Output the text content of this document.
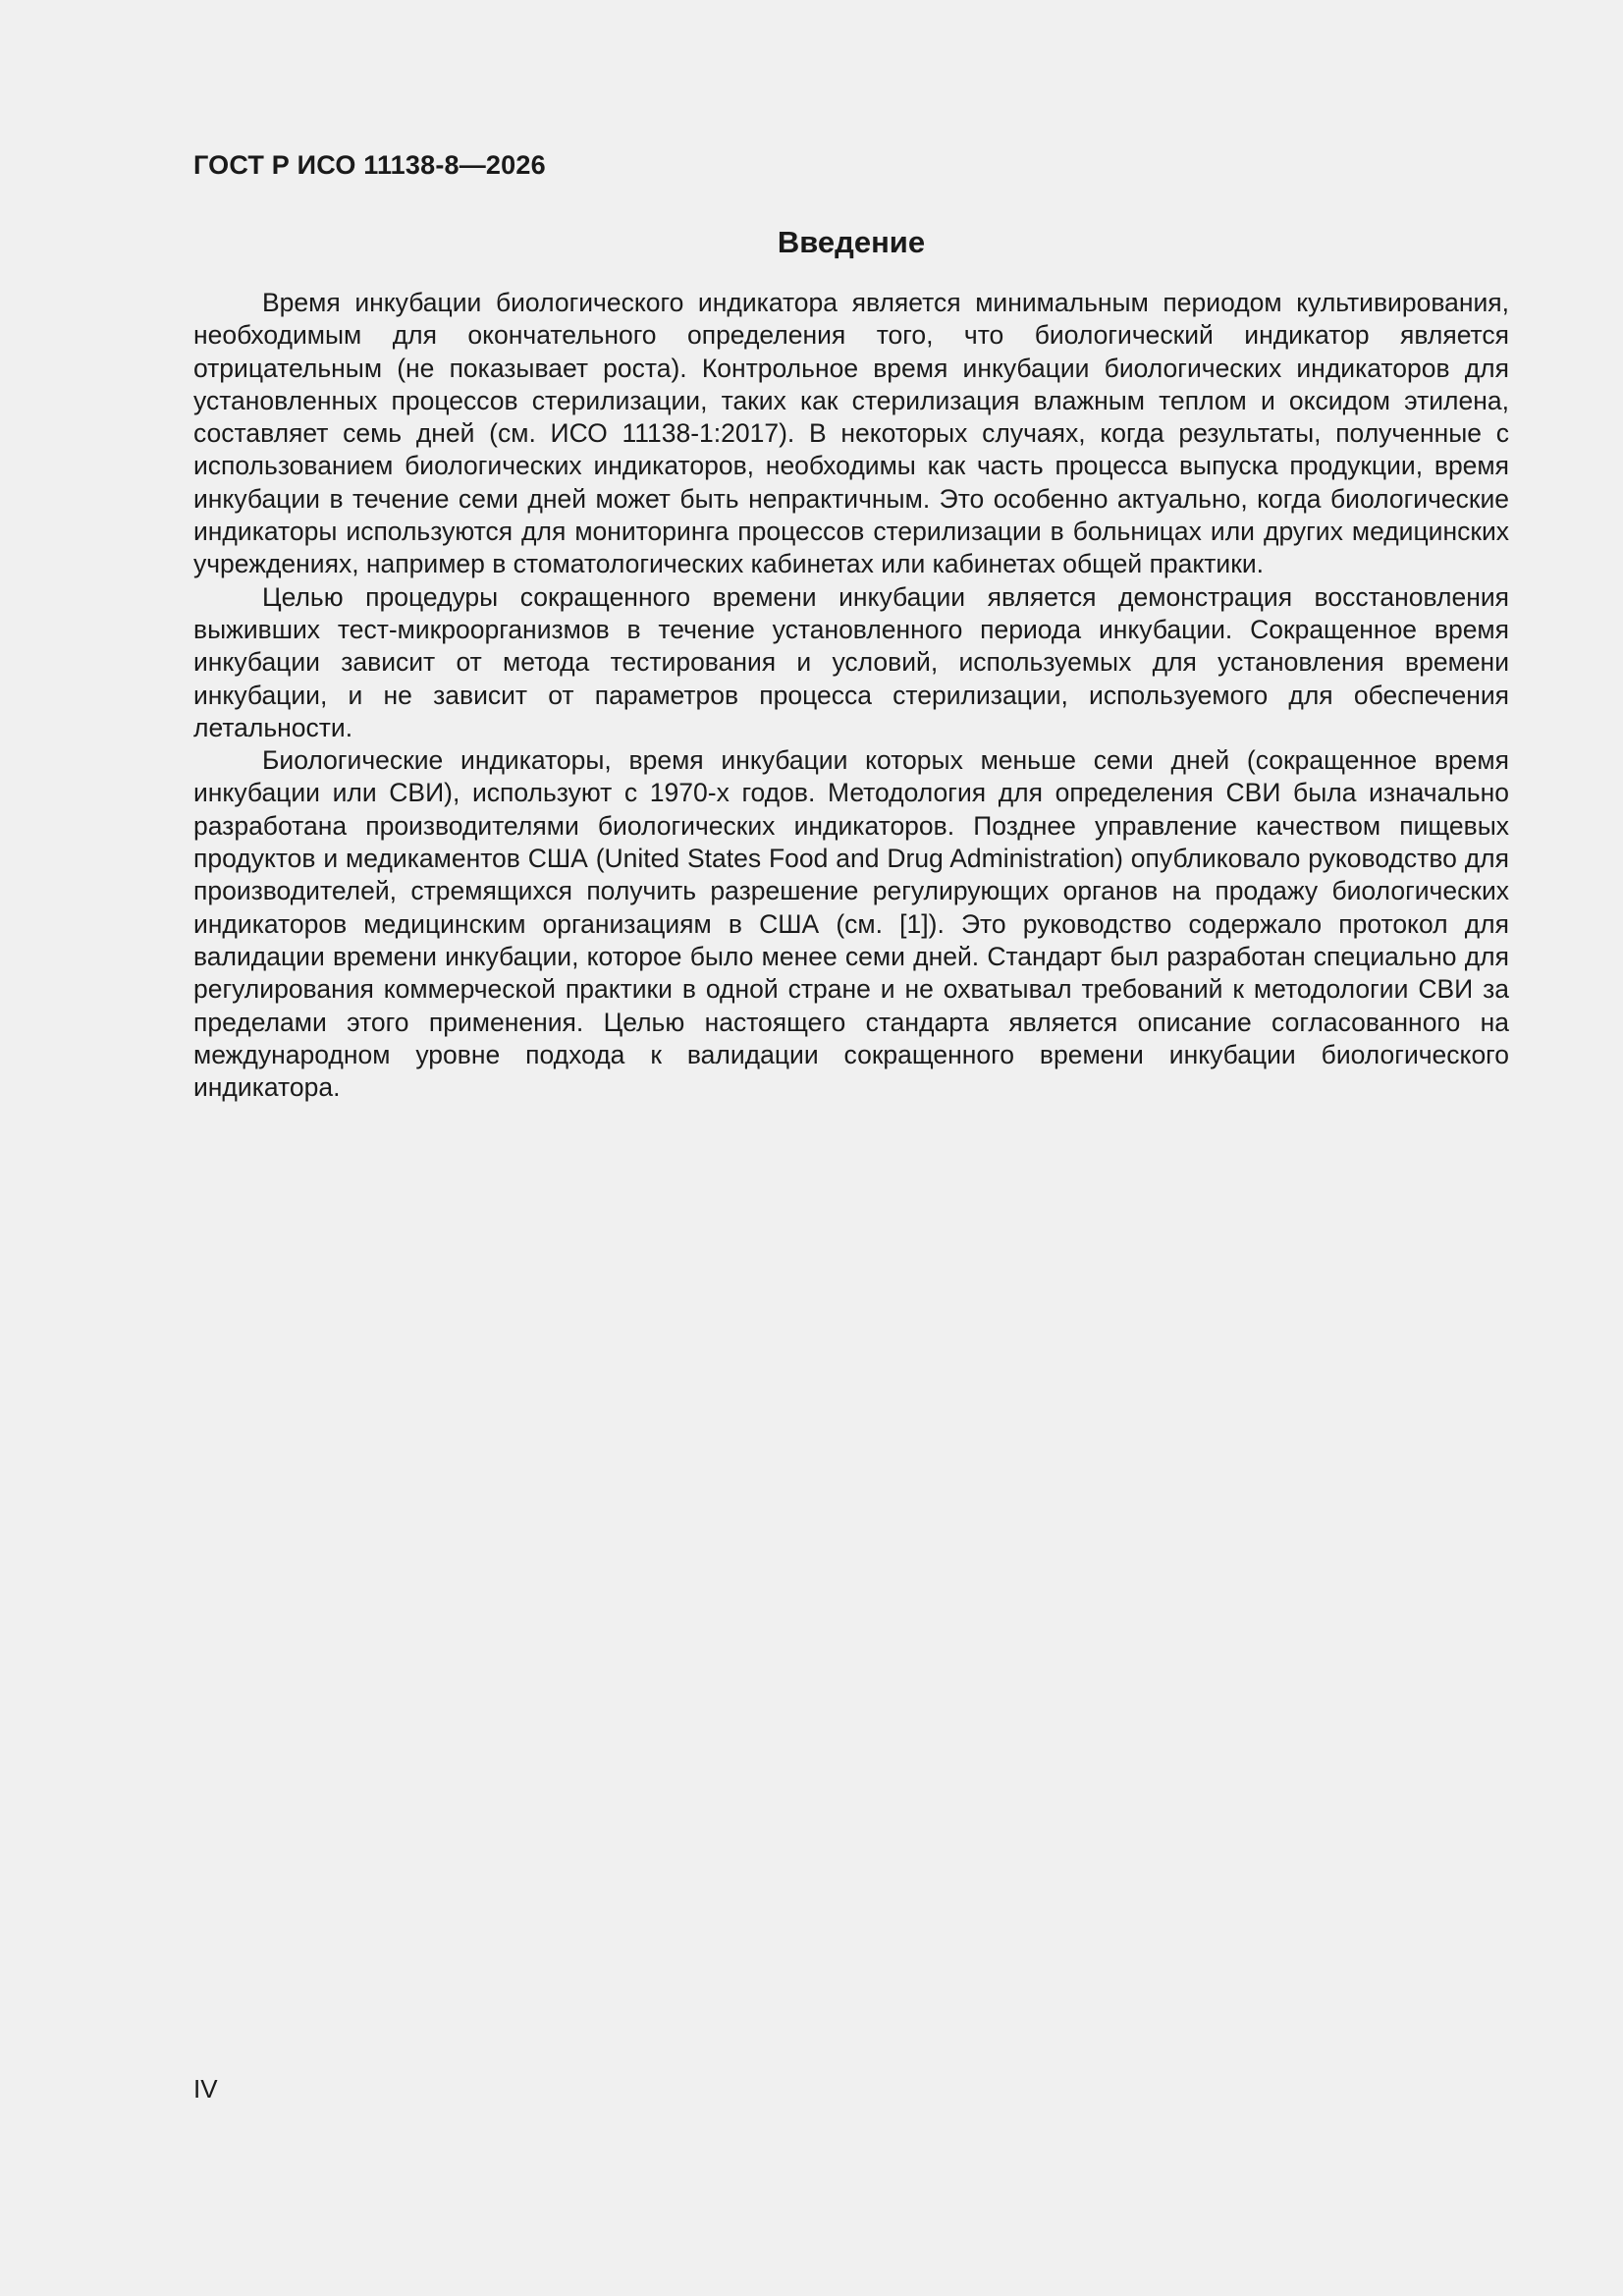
ГОСТ Р ИСО 11138-8—2026
Введение

Время инкубации биологического индикатора является минимальным периодом культивирования, необходимым для окончательного определения того, что биологический индикатор является отрицательным (не показывает роста). Контрольное время инкубации биологических индикаторов для установленных процессов стерилизации, таких как стерилизация влажным теплом и оксидом этилена, составляет семь дней (см. ИСО 11138-1:2017). В некоторых случаях, когда результаты, полученные с использованием биологических индикаторов, необходимы как часть процесса выпуска продукции, время инкубации в течение семи дней может быть непрактичным. Это особенно актуально, когда биологические индикаторы используются для мониторинга процессов стерилизации в больницах или других медицинских учреждениях, например в стоматологических кабинетах или кабинетах общей практики.

Целью процедуры сокращенного времени инкубации является демонстрация восстановления выживших тест-микроорганизмов в течение установленного периода инкубации. Сокращенное время инкубации зависит от метода тестирования и условий, используемых для установления времени инкубации, и не зависит от параметров процесса стерилизации, используемого для обеспечения летальности.

Биологические индикаторы, время инкубации которых меньше семи дней (сокращенное время инкубации или СВИ), используют с 1970-х годов. Методология для определения СВИ была изначально разработана производителями биологических индикаторов. Позднее управление качеством пищевых продуктов и медикаментов США (United States Food and Drug Administration) опубликовало руководство для производителей, стремящихся получить разрешение регулирующих органов на продажу биологических индикаторов медицинским организациям в США (см. [1]). Это руководство содержало протокол для валидации времени инкубации, которое было менее семи дней. Стандарт был разработан специально для регулирования коммерческой практики в одной стране и не охватывал требований к методологии СВИ за пределами этого применения. Целью настоящего стандарта является описание согласованного на международном уровне подхода к валидации сокращенного времени инкубации биологического индикатора.

IV
